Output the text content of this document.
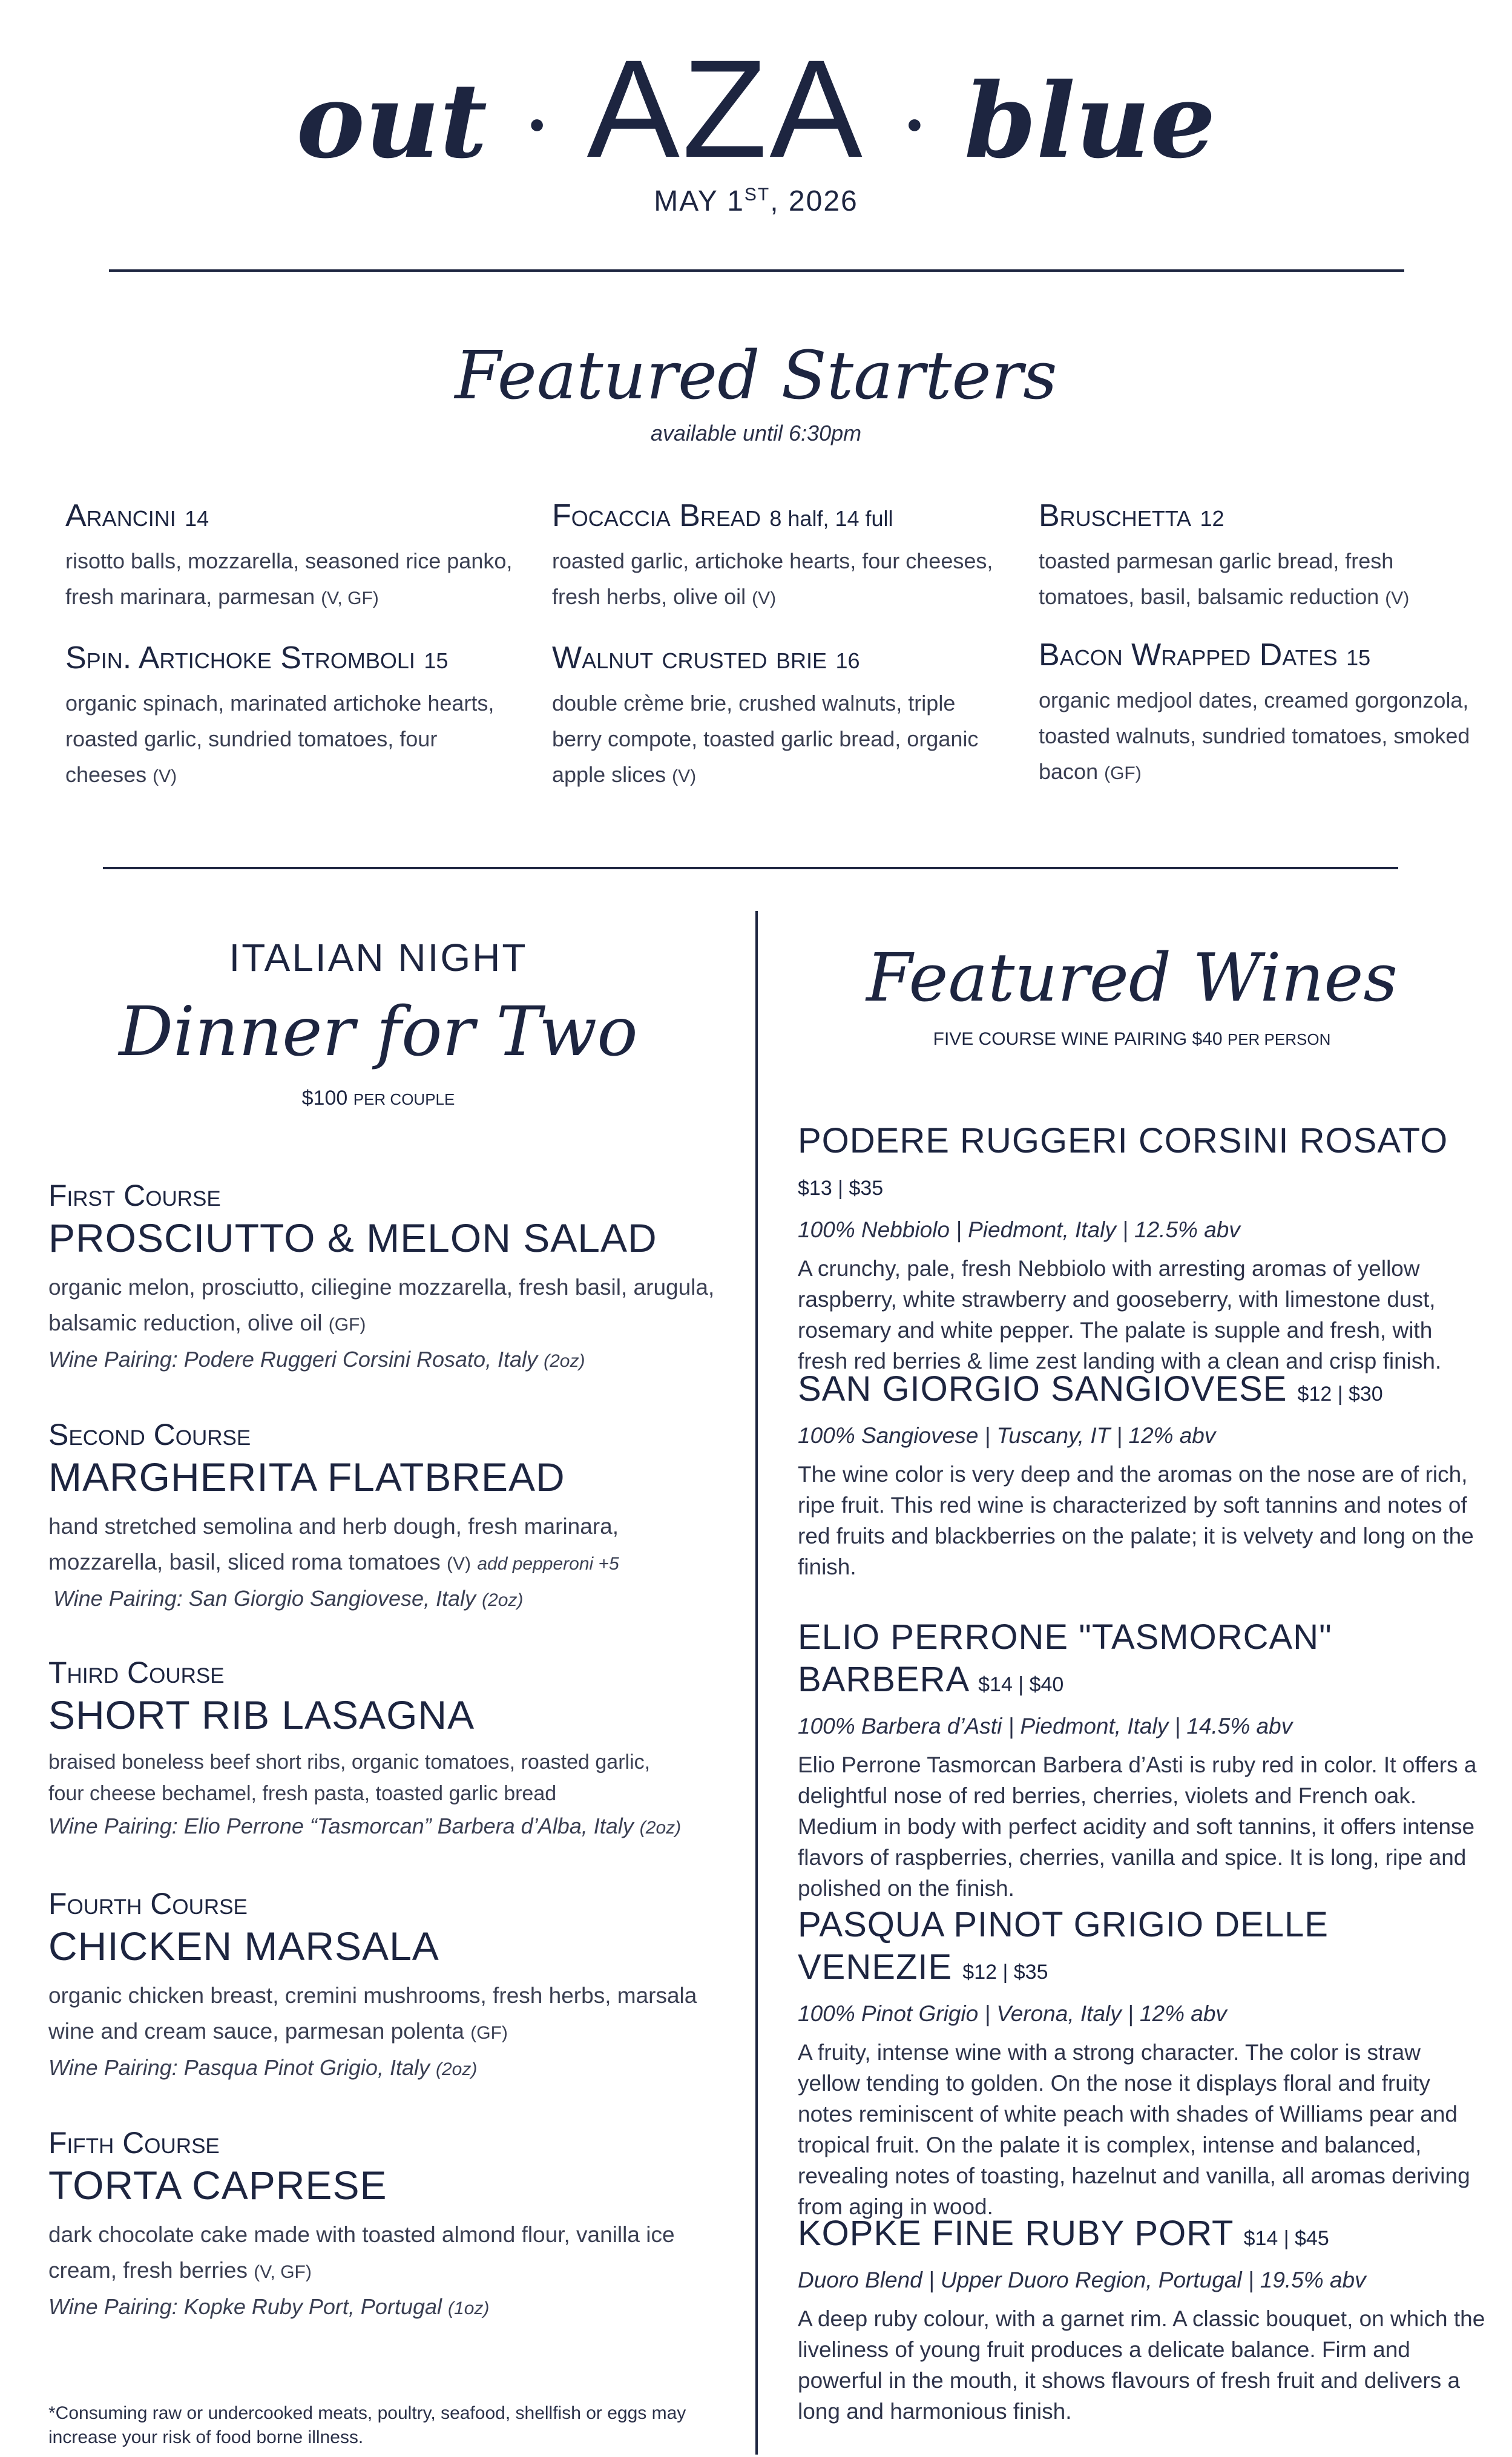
out · AZA · blue
MAY 1ST, 2026
Featured Starters
available until 6:30pm
Arancini 14
risotto balls, mozzarella, seasoned rice panko, fresh marinara, parmesan (V, GF)
Focaccia Bread 8 half, 14 full
roasted garlic, artichoke hearts, four cheeses, fresh herbs, olive oil (V)
Bruschetta 12
toasted parmesan garlic bread, fresh tomatoes, basil, balsamic reduction (V)
Spin. Artichoke Stromboli 15
organic spinach, marinated artichoke hearts, roasted garlic, sundried tomatoes, four cheeses (V)
Walnut crusted brie 16
double crème brie, crushed walnuts, triple berry compote, toasted garlic bread, organic apple slices (V)
Bacon Wrapped Dates 15
organic medjool dates, creamed gorgonzola, toasted walnuts, sundried tomatoes, smoked bacon (GF)
ITALIAN NIGHT
Dinner for Two
$100 PER COUPLE
First Course
PROSCIUTTO & MELON SALAD
organic melon, prosciutto, ciliegine mozzarella, fresh basil, arugula, balsamic reduction, olive oil (GF)
Wine Pairing: Podere Ruggeri Corsini Rosato, Italy (2oz)
Second Course
MARGHERITA FLATBREAD
hand stretched semolina and herb dough, fresh marinara, mozzarella, basil, sliced roma tomatoes (V) add pepperoni +5
Wine Pairing: San Giorgio Sangiovese, Italy (2oz)
Third Course
SHORT RIB LASAGNA
braised boneless beef short ribs, organic tomatoes, roasted garlic, four cheese bechamel, fresh pasta, toasted garlic bread
Wine Pairing: Elio Perrone “Tasmorcan” Barbera d’Alba, Italy (2oz)
Fourth Course
CHICKEN MARSALA
organic chicken breast, cremini mushrooms, fresh herbs, marsala wine and cream sauce, parmesan polenta (GF)
Wine Pairing: Pasqua Pinot Grigio, Italy (2oz)
Fifth Course
TORTA CAPRESE
dark chocolate cake made with toasted almond flour, vanilla ice cream, fresh berries (V, GF)
Wine Pairing: Kopke Ruby Port, Portugal (1oz)
*Consuming raw or undercooked meats, poultry, seafood, shellfish or eggs may increase your risk of food borne illness.
Featured Wines
FIVE COURSE WINE PAIRING $40 PER PERSON
PODERE RUGGERI CORSINI ROSATO $13 | $35
100% Nebbiolo | Piedmont, Italy | 12.5% abv
A crunchy, pale, fresh Nebbiolo with arresting aromas of yellow raspberry, white strawberry and gooseberry, with limestone dust, rosemary and white pepper. The palate is supple and fresh, with fresh red berries & lime zest landing with a clean and crisp finish.
SAN GIORGIO SANGIOVESE $12 | $30
100% Sangiovese | Tuscany, IT | 12% abv
The wine color is very deep and the aromas on the nose are of rich, ripe fruit. This red wine is characterized by soft tannins and notes of red fruits and blackberries on the palate; it is velvety and long on the finish.
ELIO PERRONE "TASMORCAN" BARBERA $14 | $40
100% Barbera d’Asti | Piedmont, Italy | 14.5% abv
Elio Perrone Tasmorcan Barbera d’Asti is ruby red in color. It offers a delightful nose of red berries, cherries, violets and French oak. Medium in body with perfect acidity and soft tannins, it offers intense flavors of raspberries, cherries, vanilla and spice. It is long, ripe and polished on the finish.
PASQUA PINOT GRIGIO DELLE VENEZIE $12 | $35
100% Pinot Grigio | Verona, Italy | 12% abv
A fruity, intense wine with a strong character. The color is straw yellow tending to golden. On the nose it displays floral and fruity notes reminiscent of white peach with shades of Williams pear and tropical fruit. On the palate it is complex, intense and balanced, revealing notes of toasting, hazelnut and vanilla, all aromas deriving from aging in wood.
KOPKE FINE RUBY PORT $14 | $45
Duoro Blend | Upper Duoro Region, Portugal | 19.5% abv
A deep ruby colour, with a garnet rim. A classic bouquet, on which the liveliness of young fruit produces a delicate balance. Firm and powerful in the mouth, it shows flavours of fresh fruit and delivers a long and harmonious finish.
